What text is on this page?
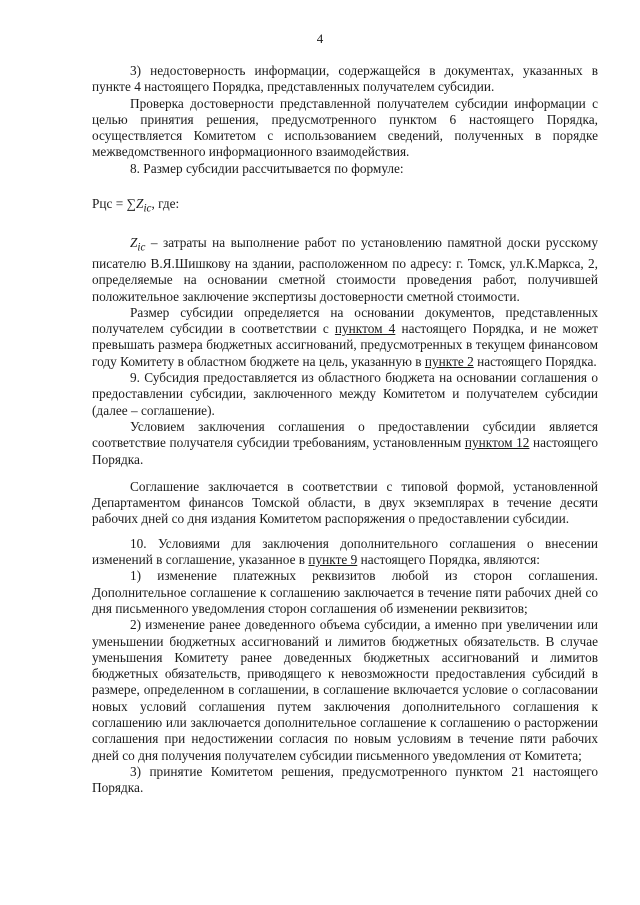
4

3) недостоверность информации, содержащейся в документах, указанных в пункте 4 настоящего Порядка, представленных получателем субсидии.

Проверка достоверности представленной получателем субсидии информации с целью принятия решения, предусмотренного пунктом 6 настоящего Порядка, осуществляется Комитетом с использованием сведений, полученных в порядке межведомственного информационного взаимодействия.

8. Размер субсидии рассчитывается по формуле:

Рцс = $\sum Z_{ic}$, где:

$Z_{ic}$ – затраты на выполнение работ по установлению памятной доски русскому писателю В.Я.Шишкову на здании, расположенном по адресу: г. Томск, ул.К.Маркса, 2, определяемые на основании сметной стоимости проведения работ, получившей положительное заключение экспертизы достоверности сметной стоимости.

Размер субсидии определяется на основании документов, представленных получателем субсидии в соответствии с пунктом 4 настоящего Порядка, и не может превышать размера бюджетных ассигнований, предусмотренных в текущем финансовом году Комитету в областном бюджете на цель, указанную в пункте 2 настоящего Порядка.

9. Субсидия предоставляется из областного бюджета на основании соглашения о предоставлении субсидии, заключенного между Комитетом и получателем субсидии (далее – соглашение).

Условием заключения соглашения о предоставлении субсидии является соответствие получателя субсидии требованиям, установленным пунктом 12 настоящего Порядка.

Соглашение заключается в соответствии с типовой формой, установленной Департаментом финансов Томской области, в двух экземплярах в течение десяти рабочих дней со дня издания Комитетом распоряжения о предоставлении субсидии.

10. Условиями для заключения дополнительного соглашения о внесении изменений в соглашение, указанное в пункте 9 настоящего Порядка, являются:

1) изменение платежных реквизитов любой из сторон соглашения. Дополнительное соглашение к соглашению заключается в течение пяти рабочих дней со дня письменного уведомления сторон соглашения об изменении реквизитов;

2) изменение ранее доведенного объема субсидии, а именно при увеличении или уменьшении бюджетных ассигнований и лимитов бюджетных обязательств. В случае уменьшения Комитету ранее доведенных бюджетных ассигнований и лимитов бюджетных обязательств, приводящего к невозможности предоставления субсидий в размере, определенном в соглашении, в соглашение включается условие о согласовании новых условий соглашения путем заключения дополнительного соглашения к соглашению или заключается дополнительное соглашение к соглашению о расторжении соглашения при недостижении согласия по новым условиям в течение пяти рабочих дней со дня получения получателем субсидии письменного уведомления от Комитета;

3) принятие Комитетом решения, предусмотренного пунктом 21 настоящего Порядка.
